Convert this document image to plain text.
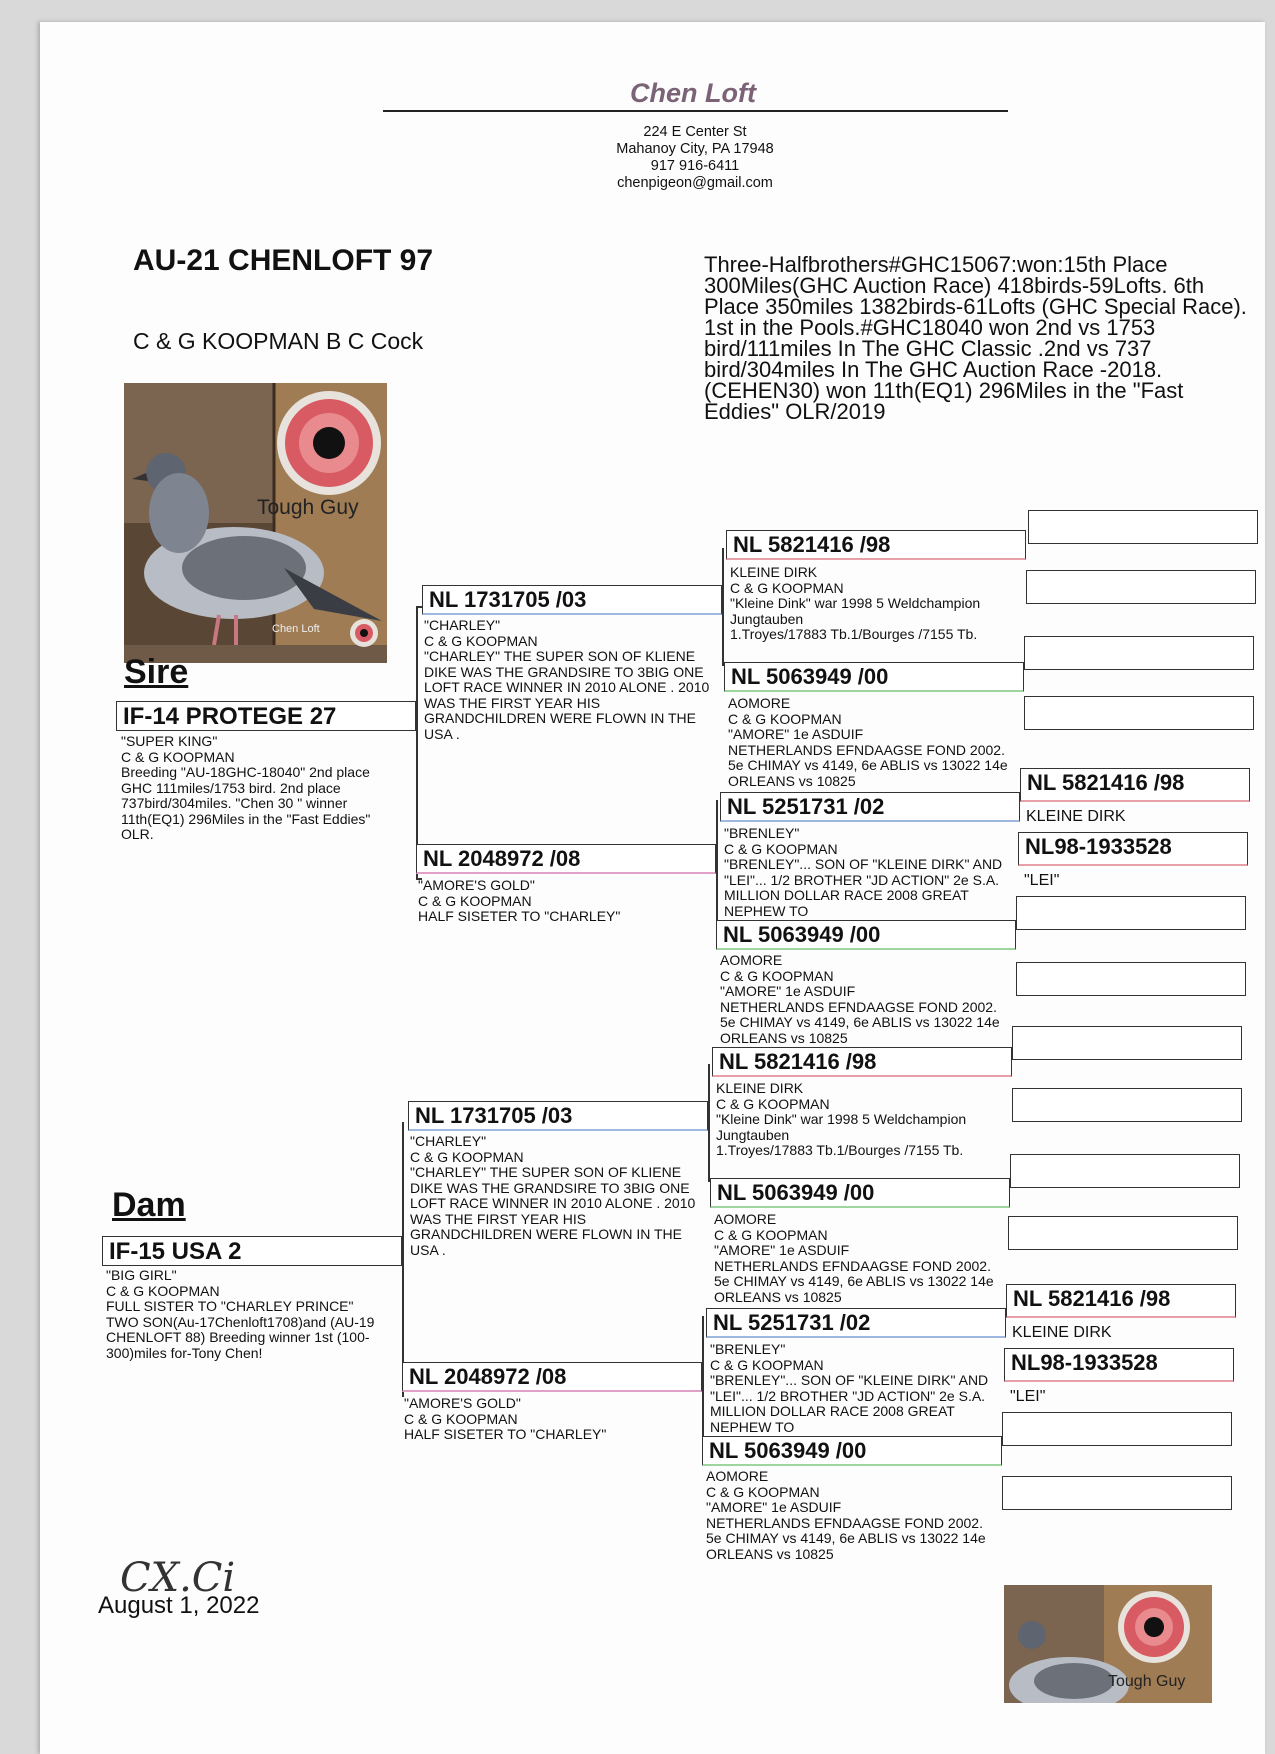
Chen Loft
224 E Center St
Mahanoy City, PA 17948
917 916-6411
chenpigeon@gmail.com
AU-21 CHENLOFT 97
C & G KOOPMAN B C Cock
Three-Halfbrothers#GHC15067:won:15th Place 300Miles(GHC Auction Race) 418birds-59Lofts. 6th Place 350miles 1382birds-61Lofts (GHC Special Race). 1st in the Pools.#GHC18040 won 2nd vs 1753 bird/111miles In The GHC Classic .2nd vs 737 bird/304miles In The GHC Auction Race -2018.(CEHEN30) won 11th(EQ1) 296Miles in the "Fast Eddies" OLR/2019
Tough Guy
Chen Loft
Sire
IF-14 PROTEGE 27
"SUPER KING"
C & G KOOPMAN
Breeding "AU-18GHC-18040" 2nd place GHC 111miles/1753 bird. 2nd place 737bird/304miles. "Chen 30 " winner 11th(EQ1) 296Miles in the "Fast Eddies" OLR.
NL 1731705 /03
"CHARLEY"
C & G KOOPMAN
"CHARLEY" THE SUPER SON OF KLIENE DIKE WAS THE GRANDSIRE TO 3BIG ONE LOFT RACE WINNER IN 2010 ALONE . 2010 WAS THE FIRST YEAR HIS GRANDCHILDREN WERE FLOWN IN THE USA .
NL 2048972 /08
"AMORE'S GOLD"
C & G KOOPMAN
HALF SISETER TO "CHARLEY"
NL 5821416 /98
KLEINE DIRK
C & G KOOPMAN
"Kleine Dink" war 1998 5 Weldchampion Jungtauben
1.Troyes/17883 Tb.1/Bourges /7155 Tb.
NL 5063949 /00
AOMORE
C & G KOOPMAN
"AMORE" 1e ASDUIF
NETHERLANDS EFNDAAGSE FOND 2002. 5e CHIMAY vs 4149, 6e ABLIS vs 13022 14e ORLEANS vs 10825
NL 5251731 /02
"BRENLEY"
C & G KOOPMAN
"BRENLEY"... SON OF "KLEINE DIRK" AND "LEI"... 1/2 BROTHER "JD ACTION" 2e S.A. MILLION DOLLAR RACE 2008 GREAT NEPHEW TO
NL 5063949 /00
AOMORE
C & G KOOPMAN
"AMORE" 1e ASDUIF
NETHERLANDS EFNDAAGSE FOND 2002. 5e CHIMAY vs 4149, 6e ABLIS vs 13022 14e ORLEANS vs 10825
NL 5821416 /98
KLEINE DIRK
NL98-1933528
"LEI"
Dam
IF-15 USA 2
"BIG GIRL"
C & G KOOPMAN
FULL SISTER TO "CHARLEY PRINCE" TWO SON(Au-17Chenloft1708)and (AU-19 CHENLOFT 88) Breeding winner 1st (100-300)miles for-Tony Chen!
NL 1731705 /03
"CHARLEY"
C & G KOOPMAN
"CHARLEY" THE SUPER SON OF KLIENE DIKE WAS THE GRANDSIRE TO 3BIG ONE LOFT RACE WINNER IN 2010 ALONE . 2010 WAS THE FIRST YEAR HIS GRANDCHILDREN WERE FLOWN IN THE USA .
NL 2048972 /08
"AMORE'S GOLD"
C & G KOOPMAN
HALF SISETER TO "CHARLEY"
NL 5821416 /98
KLEINE DIRK
C & G KOOPMAN
"Kleine Dink" war 1998 5 Weldchampion Jungtauben
1.Troyes/17883 Tb.1/Bourges /7155 Tb.
NL 5063949 /00
AOMORE
C & G KOOPMAN
"AMORE" 1e ASDUIF
NETHERLANDS EFNDAAGSE FOND 2002. 5e CHIMAY vs 4149, 6e ABLIS vs 13022 14e ORLEANS vs 10825
NL 5251731 /02
"BRENLEY"
C & G KOOPMAN
"BRENLEY"... SON OF "KLEINE DIRK" AND "LEI"... 1/2 BROTHER "JD ACTION" 2e S.A. MILLION DOLLAR RACE 2008 GREAT NEPHEW TO
NL 5063949 /00
AOMORE
C & G KOOPMAN
"AMORE" 1e ASDUIF
NETHERLANDS EFNDAAGSE FOND 2002. 5e CHIMAY vs 4149, 6e ABLIS vs 13022 14e ORLEANS vs 10825
NL 5821416 /98
KLEINE DIRK
NL98-1933528
"LEI"
CX.Ci
August 1, 2022
Tough Guy
